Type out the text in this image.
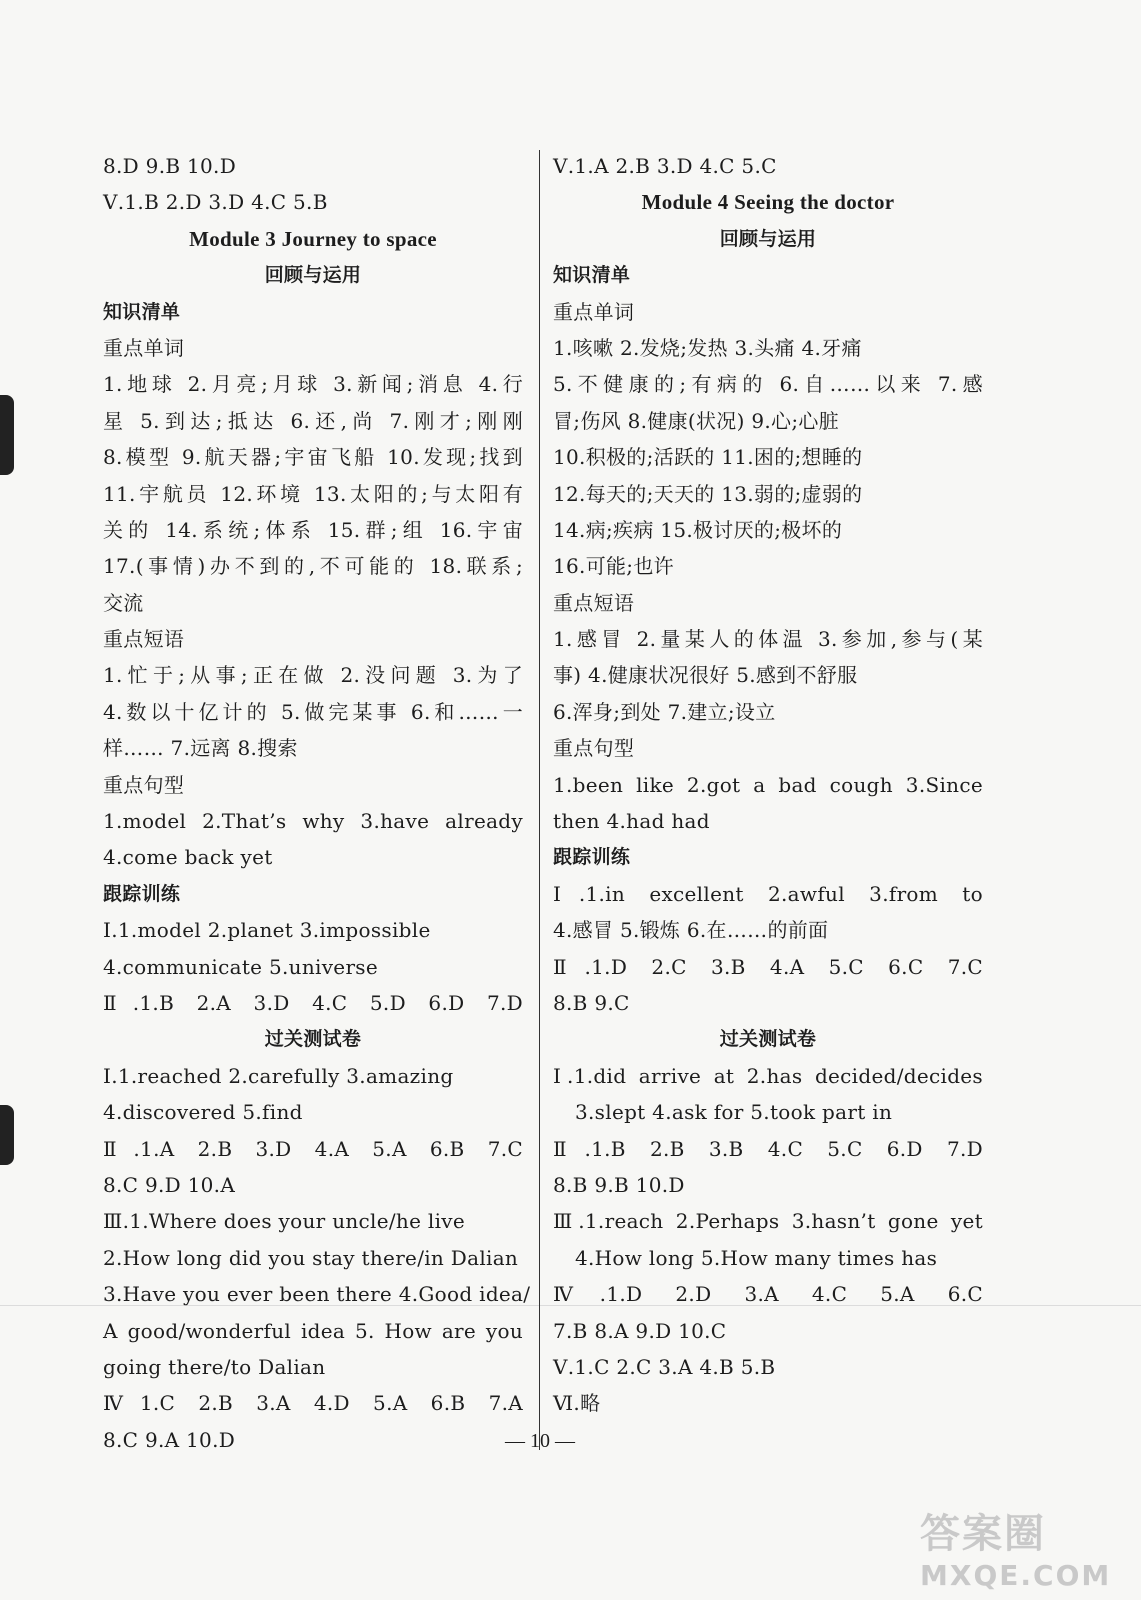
8.D 9.B 10.D
Ⅴ.1.B 2.D 3.D 4.C 5.B
Module 3 Journey to space
回顾与运用
知识清单
重点单词
1.地球 2.月亮;月球 3.新闻;消息 4.行
星 5.到达;抵达 6.还,尚 7.刚才;刚刚
8.模型 9.航天器;宇宙飞船 10.发现;找到
11.宇航员 12.环境 13.太阳的;与太阳有
关的 14.系统;体系 15.群;组 16.宇宙
17.(事情)办不到的,不可能的 18.联系;
交流
重点短语
1.忙于;从事;正在做 2.没问题 3.为了
4.数以十亿计的 5.做完某事 6.和……一
样…… 7.远离 8.搜索
重点句型
1.model 2.That’s why 3.have already
4.come back yet
跟踪训练
Ⅰ.1.model 2.planet 3.impossible
4.communicate 5.universe
Ⅱ.1.B 2.A 3.D 4.C 5.D 6.D 7.D
过关测试卷
Ⅰ.1.reached 2.carefully 3.amazing
4.discovered 5.find
Ⅱ.1.A 2.B 3.D 4.A 5.A 6.B 7.C
8.C 9.D 10.A
Ⅲ.1.Where does your uncle/he live
2.How long did you stay there/in Dalian
3.Have you ever been there 4.Good idea/
A good/wonderful idea 5. How are you
going there/to Dalian
Ⅳ1.C 2.B 3.A 4.D 5.A 6.B 7.A
8.C 9.A 10.D
Ⅴ.1.A 2.B 3.D 4.C 5.C
Module 4 Seeing the doctor
回顾与运用
知识清单
重点单词
1.咳嗽 2.发烧;发热 3.头痛 4.牙痛
5.不健康的;有病的 6.自……以来 7.感
冒;伤风 8.健康(状况) 9.心;心脏
10.积极的;活跃的 11.困的;想睡的
12.每天的;天天的 13.弱的;虚弱的
14.病;疾病 15.极讨厌的;极坏的
16.可能;也许
重点短语
1.感冒 2.量某人的体温 3.参加,参与(某
事) 4.健康状况很好 5.感到不舒服
6.浑身;到处 7.建立;设立
重点句型
1.been like 2.got a bad cough 3.Since
then 4.had had
跟踪训练
Ⅰ.1.in excellent 2.awful 3.from to
4.感冒 5.锻炼 6.在……的前面
Ⅱ.1.D 2.C 3.B 4.A 5.C 6.C 7.C
8.B 9.C
过关测试卷
Ⅰ.1.did arrive at 2.has decided/decides
3.slept 4.ask for 5.took part in
Ⅱ.1.B 2.B 3.B 4.C 5.C 6.D 7.D
8.B 9.B 10.D
Ⅲ.1.reach 2.Perhaps 3.hasn’t gone yet
4.How long 5.How many times has
Ⅳ.1.D 2.D 3.A 4.C 5.A 6.C
7.B 8.A 9.D 10.C
Ⅴ.1.C 2.C 3.A 4.B 5.B
Ⅵ.略
— 10 —
答案圈
MXQE.COM
